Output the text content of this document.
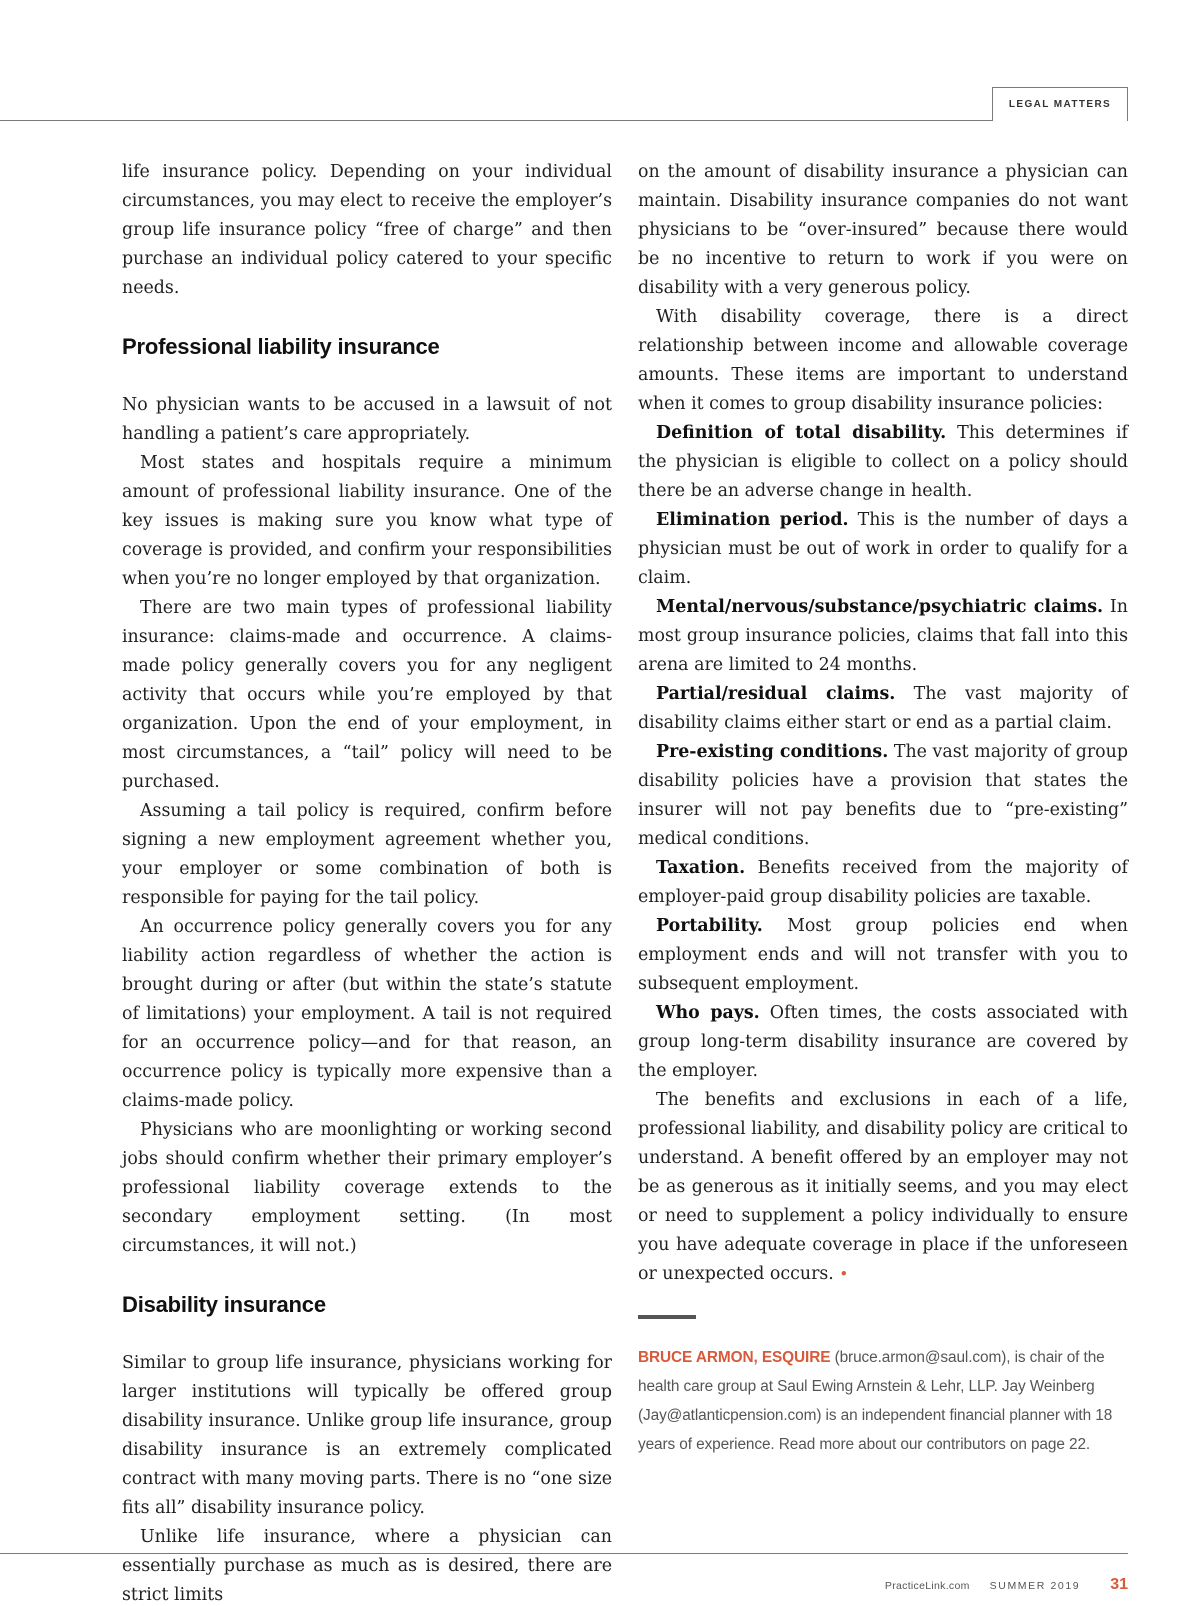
LEGAL MATTERS

life insurance policy. Depending on your individual circumstances, you may elect to receive the employer’s group life insurance policy “free of charge” and then purchase an individual policy catered to your specific needs.

Professional liability insurance

No physician wants to be accused in a lawsuit of not handling a patient’s care appropriately.

Most states and hospitals require a minimum amount of professional liability insurance. One of the key issues is making sure you know what type of coverage is provided, and confirm your responsibilities when you’re no longer employed by that organization.

There are two main types of professional liability insurance: claims-made and occurrence. A claims-made policy generally covers you for any negligent activity that occurs while you’re employed by that organization. Upon the end of your employment, in most circumstances, a “tail” policy will need to be purchased.

Assuming a tail policy is required, confirm before signing a new employment agreement whether you, your employer or some combination of both is responsible for paying for the tail policy.

An occurrence policy generally covers you for any liability action regardless of whether the action is brought during or after (but within the state’s statute of limitations) your employment. A tail is not required for an occurrence policy—and for that reason, an occurrence policy is typically more expensive than a claims-made policy.

Physicians who are moonlighting or working second jobs should confirm whether their primary employer’s professional liability coverage extends to the secondary employment setting. (In most circumstances, it will not.)

Disability insurance

Similar to group life insurance, physicians working for larger institutions will typically be offered group disability insurance. Unlike group life insurance, group disability insurance is an extremely complicated contract with many moving parts. There is no “one size fits all” disability insurance policy.

Unlike life insurance, where a physician can essentially purchase as much as is desired, there are strict limits

on the amount of disability insurance a physician can maintain. Disability insurance companies do not want physicians to be “over-insured” because there would be no incentive to return to work if you were on disability with a very generous policy.

With disability coverage, there is a direct relationship between income and allowable coverage amounts. These items are important to understand when it comes to group disability insurance policies:

Definition of total disability. This determines if the physician is eligible to collect on a policy should there be an adverse change in health.

Elimination period. This is the number of days a physician must be out of work in order to qualify for a claim.

Mental/nervous/substance/psychiatric claims. In most group insurance policies, claims that fall into this arena are limited to 24 months.

Partial/residual claims. The vast majority of disability claims either start or end as a partial claim.

Pre-existing conditions. The vast majority of group disability policies have a provision that states the insurer will not pay benefits due to “pre-existing” medical conditions.

Taxation. Benefits received from the majority of employer-paid group disability policies are taxable.

Portability. Most group policies end when employment ends and will not transfer with you to subsequent employment.

Who pays. Often times, the costs associated with group long-term disability insurance are covered by the employer.

The benefits and exclusions in each of a life, professional liability, and disability policy are critical to understand. A benefit offered by an employer may not be as generous as it initially seems, and you may elect or need to supplement a policy individually to ensure you have adequate coverage in place if the unforeseen or unexpected occurs. •

BRUCE ARMON, ESQUIRE (bruce.armon@saul.com), is chair of the health care group at Saul Ewing Arnstein & Lehr, LLP. Jay Weinberg (Jay@atlanticpension.com) is an independent financial planner with 18 years of experience. Read more about our contributors on page 22.
PracticeLink.com SUMMER 2019 31
